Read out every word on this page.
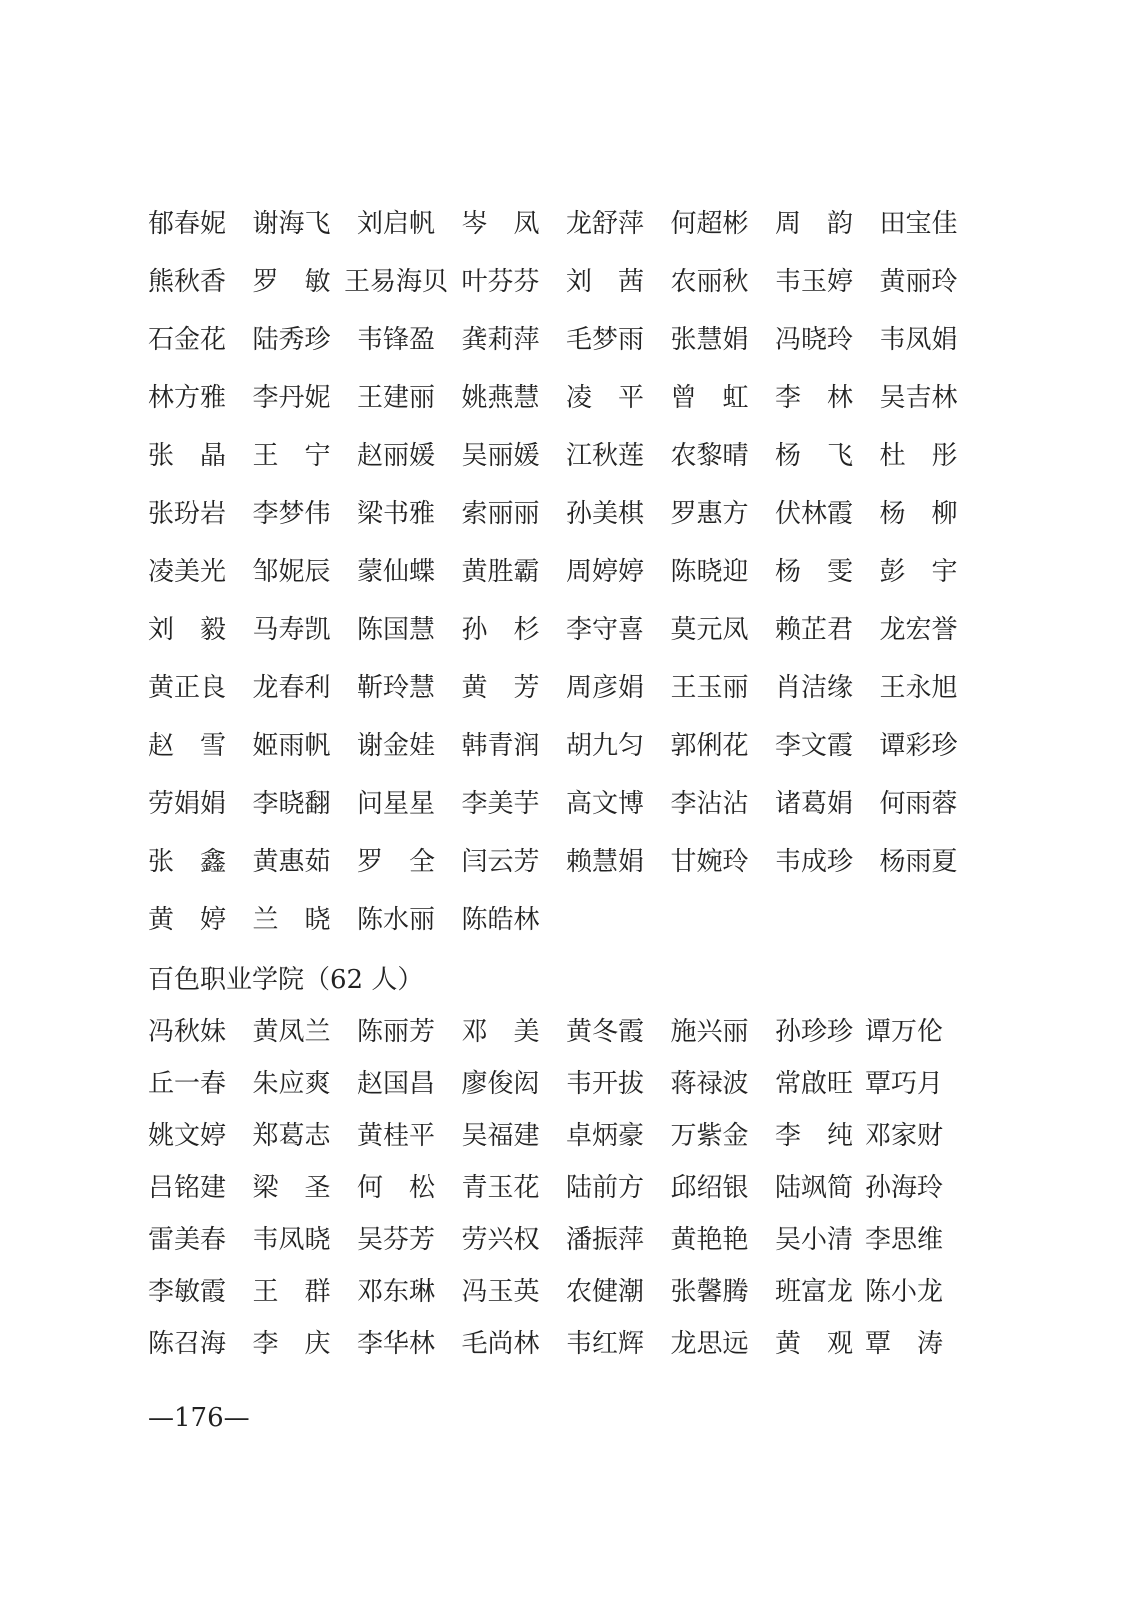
郁春妮 谢海飞 刘启帆 岑　凤 龙舒萍 何超彬 周　韵 田宝佳
熊秋香 罗　敏 王易海贝 叶芬芬 刘　茜 农丽秋 韦玉婷 黄丽玲
石金花 陆秀珍 韦锋盈 龚莉萍 毛梦雨 张慧娟 冯晓玲 韦凤娟
林方雅 李丹妮 王建丽 姚燕慧 凌　平 曾　虹 李　林 吴吉林
张　晶 王　宁 赵丽媛 吴丽媛 江秋莲 农黎晴 杨　飞 杜　彤
张玢岩 李梦伟 梁书雅 索丽丽 孙美棋 罗惠方 伏林霞 杨　柳
凌美光 邹妮辰 蒙仙蝶 黄胜霸 周婷婷 陈晓迎 杨　雯 彭　宇
刘　毅 马寿凯 陈国慧 孙　杉 李守喜 莫元凤 赖芷君 龙宏誉
黄正良 龙春利 靳玲慧 黄　芳 周彦娟 王玉丽 肖洁缘 王永旭
赵　雪 姬雨帆 谢金娃 韩青润 胡九匀 郭俐花 李文霞 谭彩珍
劳娟娟 李晓翻 问星星 李美芋 高文博 李沾沾 诸葛娟 何雨蓉
张　鑫 黄惠茹 罗　全 闫云芳 赖慧娟 甘婉玲 韦成珍 杨雨夏
黄　婷 兰　晓 陈水丽 陈皓林
百色职业学院（62 人）
冯秋妹 黄凤兰 陈丽芳 邓　美 黄冬霞 施兴丽 孙珍珍 谭万伦
丘一春 朱应爽 赵国昌 廖俊闳 韦开拔 蒋禄波 常啟旺 覃巧月
姚文婷 郑葛志 黄桂平 吴福建 卓炳豪 万紫金 李　纯 邓家财
吕铭建 梁　圣 何　松 青玉花 陆前方 邱绍银 陆飒简 孙海玲
雷美春 韦凤晓 吴芬芳 劳兴权 潘振萍 黄艳艳 吴小清 李思维
李敏霞 王　群 邓东琳 冯玉英 农健潮 张馨腾 班富龙 陈小龙
陈召海 李　庆 李华林 毛尚林 韦红辉 龙思远 黄　观 覃　涛
—176—
